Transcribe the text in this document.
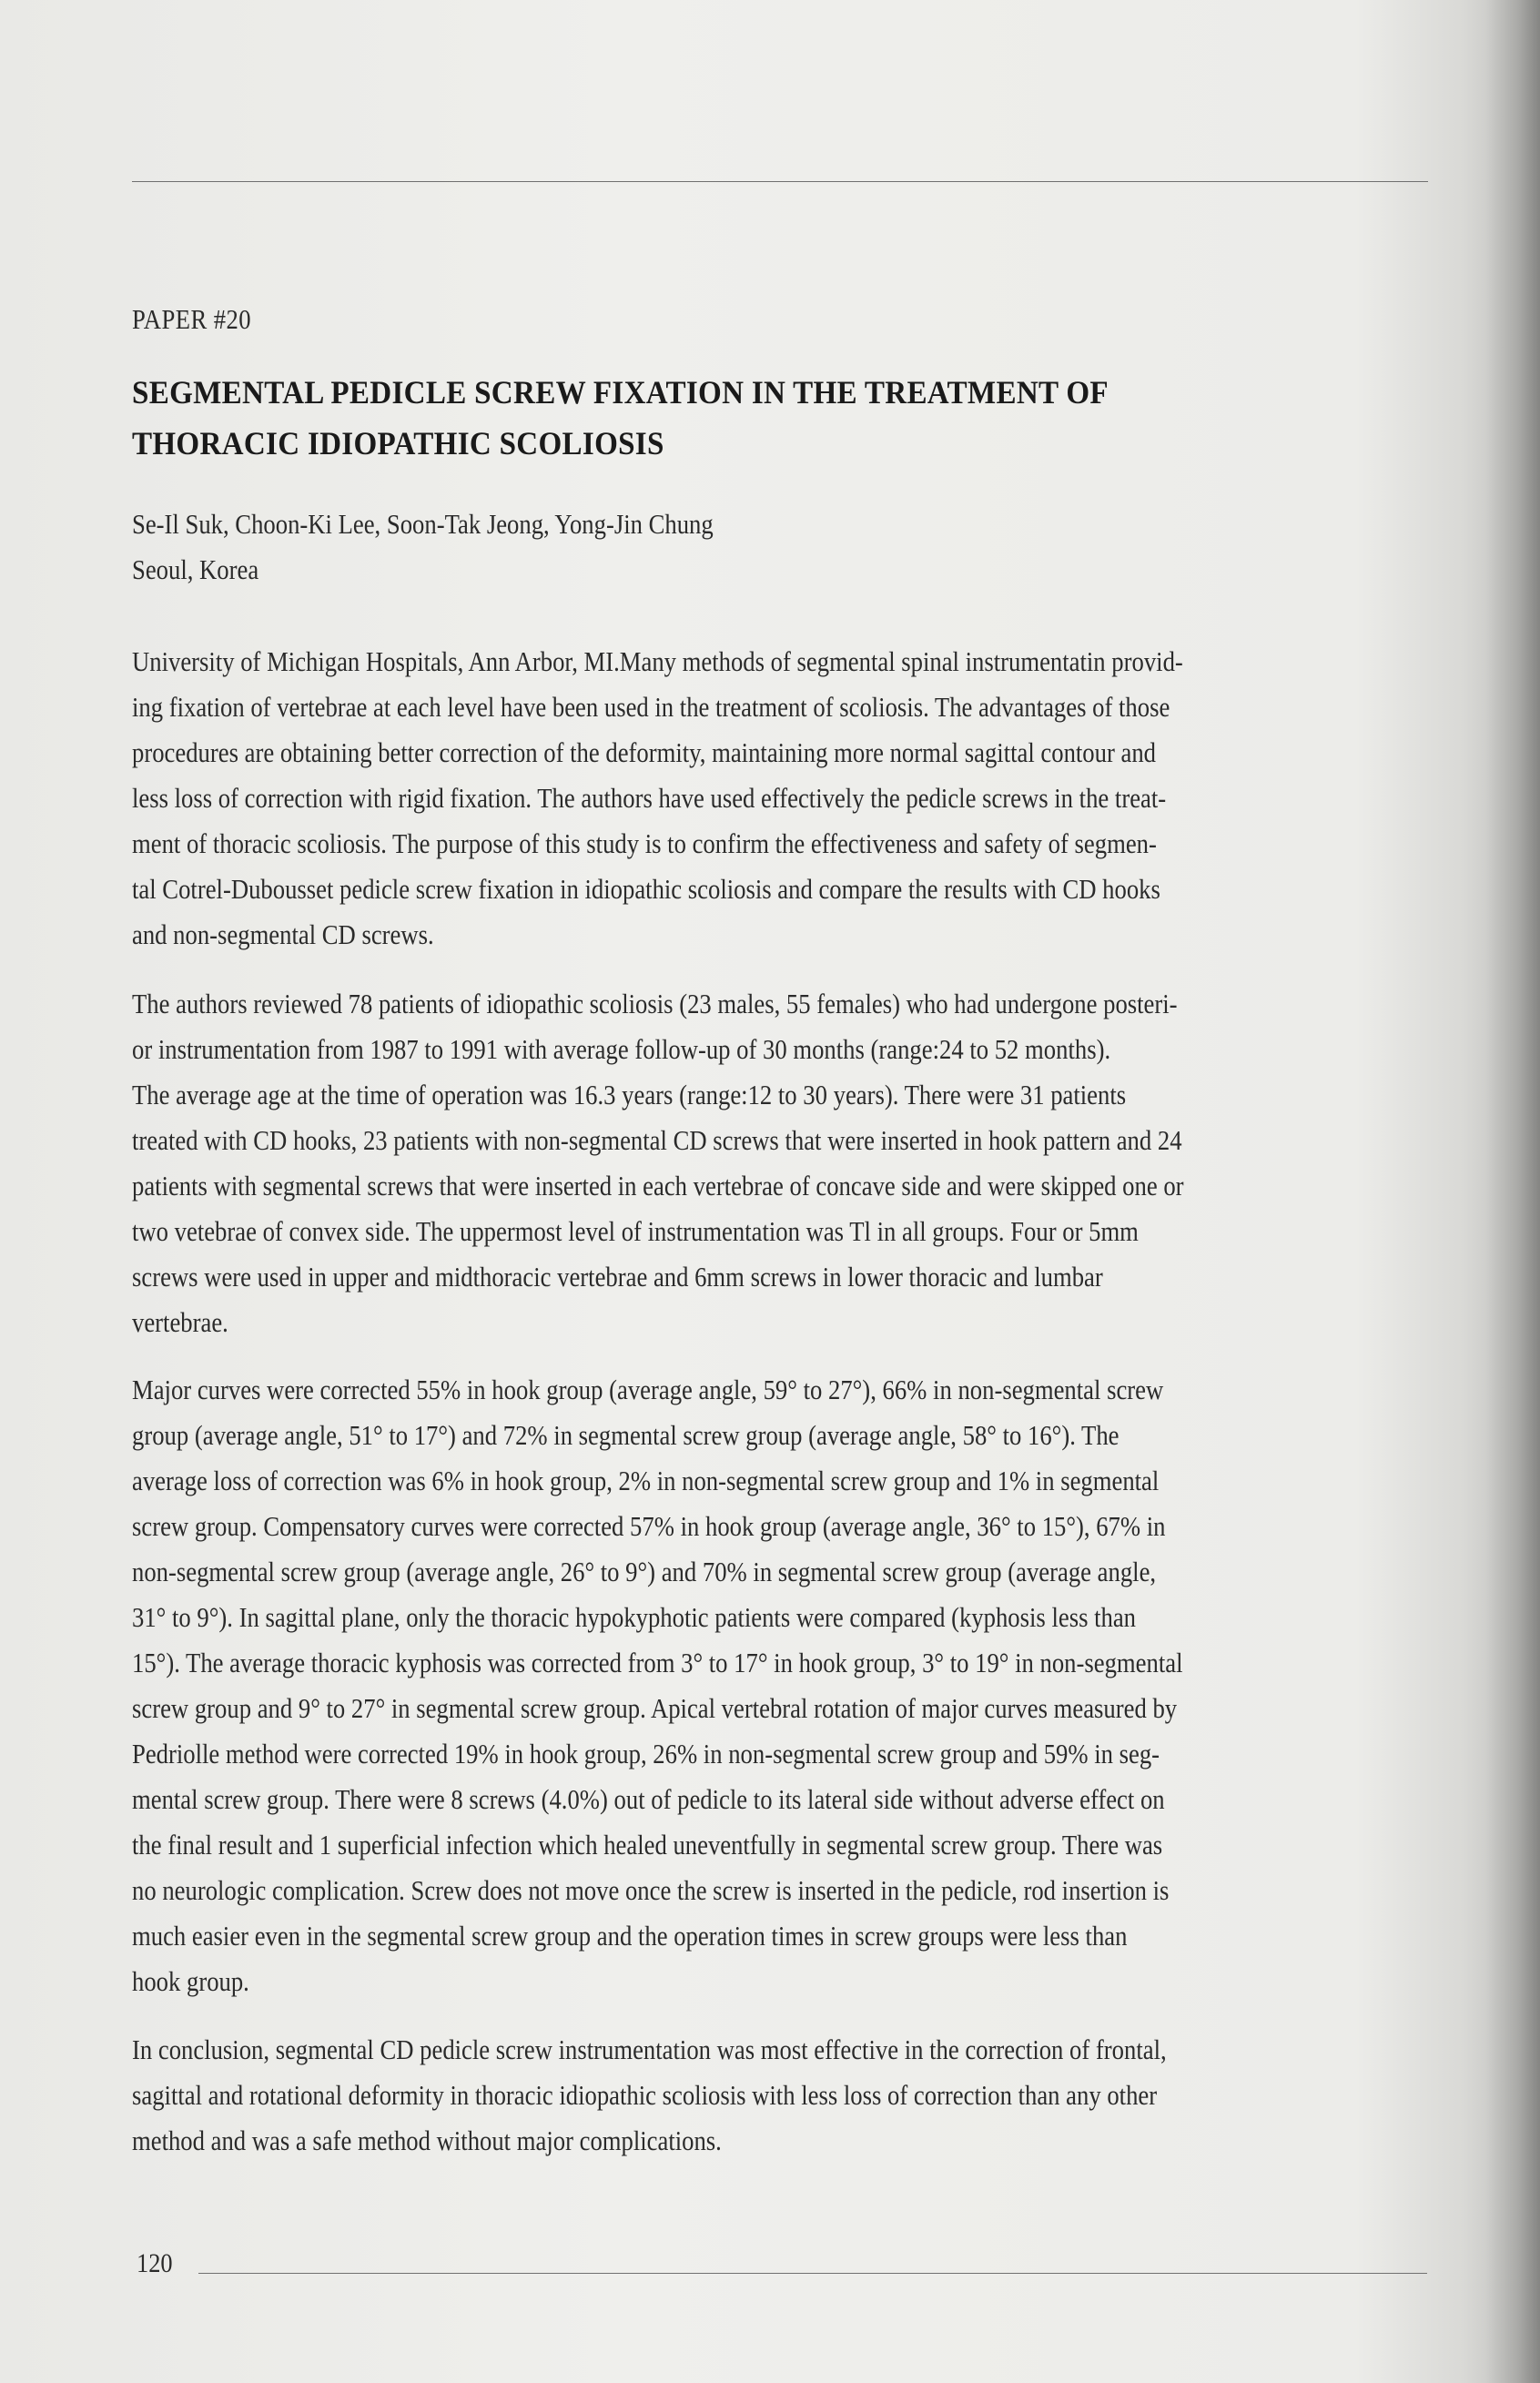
PAPER #20
SEGMENTAL PEDICLE SCREW FIXATION IN THE TREATMENT OF
THORACIC IDIOPATHIC SCOLIOSIS
Se-Il Suk, Choon-Ki Lee, Soon-Tak Jeong, Yong-Jin Chung
Seoul, Korea
University of Michigan Hospitals, Ann Arbor, MI.Many methods of segmental spinal instrumentatin provid-
ing fixation of vertebrae at each level have been used in the treatment of scoliosis. The advantages of those
procedures are obtaining better correction of the deformity, maintaining more normal sagittal contour and
less loss of correction with rigid fixation. The authors have used effectively the pedicle screws in the treat-
ment of thoracic scoliosis. The purpose of this study is to confirm the effectiveness and safety of segmen-
tal Cotrel-Dubousset pedicle screw fixation in idiopathic scoliosis and compare the results with CD hooks
and non-segmental CD screws.
The authors reviewed 78 patients of idiopathic scoliosis (23 males, 55 females) who had undergone posteri-
or instrumentation from 1987 to 1991 with average follow-up of 30 months (range:24 to 52 months).
The average age at the time of operation was 16.3 years (range:12 to 30 years). There were 31 patients
treated with CD hooks, 23 patients with non-segmental CD screws that were inserted in hook pattern and 24
patients with segmental screws that were inserted in each vertebrae of concave side and were skipped one or
two vetebrae of convex side. The uppermost level of instrumentation was Tl in all groups. Four or 5mm
screws were used in upper and midthoracic vertebrae and 6mm screws in lower thoracic and lumbar
vertebrae.
Major curves were corrected 55% in hook group (average angle, 59° to 27°), 66% in non-segmental screw
group (average angle, 51° to 17°) and 72% in segmental screw group (average angle, 58° to 16°). The
average loss of correction was 6% in hook group, 2% in non-segmental screw group and 1% in segmental
screw group. Compensatory curves were corrected 57% in hook group (average angle, 36° to 15°), 67% in
non-segmental screw group (average angle, 26° to 9°) and 70% in segmental screw group (average angle,
31° to 9°). In sagittal plane, only the thoracic hypokyphotic patients were compared (kyphosis less than
15°). The average thoracic kyphosis was corrected from 3° to 17° in hook group, 3° to 19° in non-segmental
screw group and 9° to 27° in segmental screw group. Apical vertebral rotation of major curves measured by
Pedriolle method were corrected 19% in hook group, 26% in non-segmental screw group and 59% in seg-
mental screw group. There were 8 screws (4.0%) out of pedicle to its lateral side without adverse effect on
the final result and 1 superficial infection which healed uneventfully in segmental screw group. There was
no neurologic complication. Screw does not move once the screw is inserted in the pedicle, rod insertion is
much easier even in the segmental screw group and the operation times in screw groups were less than
hook group.
In conclusion, segmental CD pedicle screw instrumentation was most effective in the correction of frontal,
sagittal and rotational deformity in thoracic idiopathic scoliosis with less loss of correction than any other
method and was a safe method without major complications.
120
